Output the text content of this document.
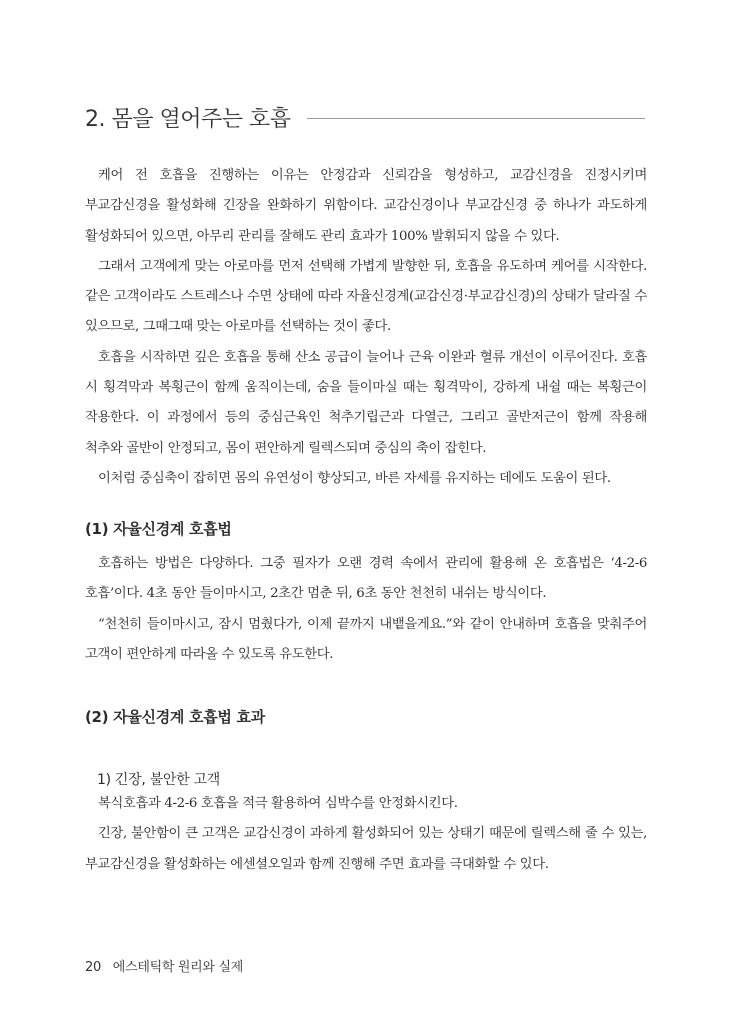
2. 몸을 열어주는 호흡

케어 전 호흡을 진행하는 이유는 안정감과 신뢰감을 형성하고, 교감신경을 진정시키며 부교감신경을 활성화해 긴장을 완화하기 위함이다. 교감신경이나 부교감신경 중 하나가 과도하게 활성화되어 있으면, 아무리 관리를 잘해도 관리 효과가 100% 발휘되지 않을 수 있다.

그래서 고객에게 맞는 아로마를 먼저 선택해 가볍게 발향한 뒤, 호흡을 유도하며 케어를 시작한다. 같은 고객이라도 스트레스나 수면 상태에 따라 자율신경계(교감신경·부교감신경)의 상태가 달라질 수 있으므로, 그때그때 맞는 아로마를 선택하는 것이 좋다.

호흡을 시작하면 깊은 호흡을 통해 산소 공급이 늘어나 근육 이완과 혈류 개선이 이루어진다. 호흡 시 횡격막과 복횡근이 함께 움직이는데, 숨을 들이마실 때는 횡격막이, 강하게 내쉴 때는 복횡근이 작용한다. 이 과정에서 등의 중심근육인 척추기립근과 다열근, 그리고 골반저근이 함께 작용해 척추와 골반이 안정되고, 몸이 편안하게 릴렉스되며 중심의 축이 잡힌다.

이처럼 중심축이 잡히면 몸의 유연성이 향상되고, 바른 자세를 유지하는 데에도 도움이 된다.

(1) 자율신경계 호흡법

호흡하는 방법은 다양하다. 그중 필자가 오랜 경력 속에서 관리에 활용해 온 호흡법은 ‘4-2-6 호흡’이다. 4초 동안 들이마시고, 2초간 멈춘 뒤, 6초 동안 천천히 내쉬는 방식이다.

“천천히 들이마시고, 잠시 멈췄다가, 이제 끝까지 내뱉을게요.”와 같이 안내하며 호흡을 맞춰주어 고객이 편안하게 따라올 수 있도록 유도한다.

(2) 자율신경계 호흡법 효과
1) 긴장, 불안한 고객

복식호흡과 4-2-6 호흡을 적극 활용하여 심박수를 안정화시킨다.

긴장, 불안함이 큰 고객은 교감신경이 과하게 활성화되어 있는 상태기 때문에 릴렉스해 줄 수 있는, 부교감신경을 활성화하는 에센셜오일과 함께 진행해 주면 효과를 극대화할 수 있다.

20 에스테틱학 원리와 실제
